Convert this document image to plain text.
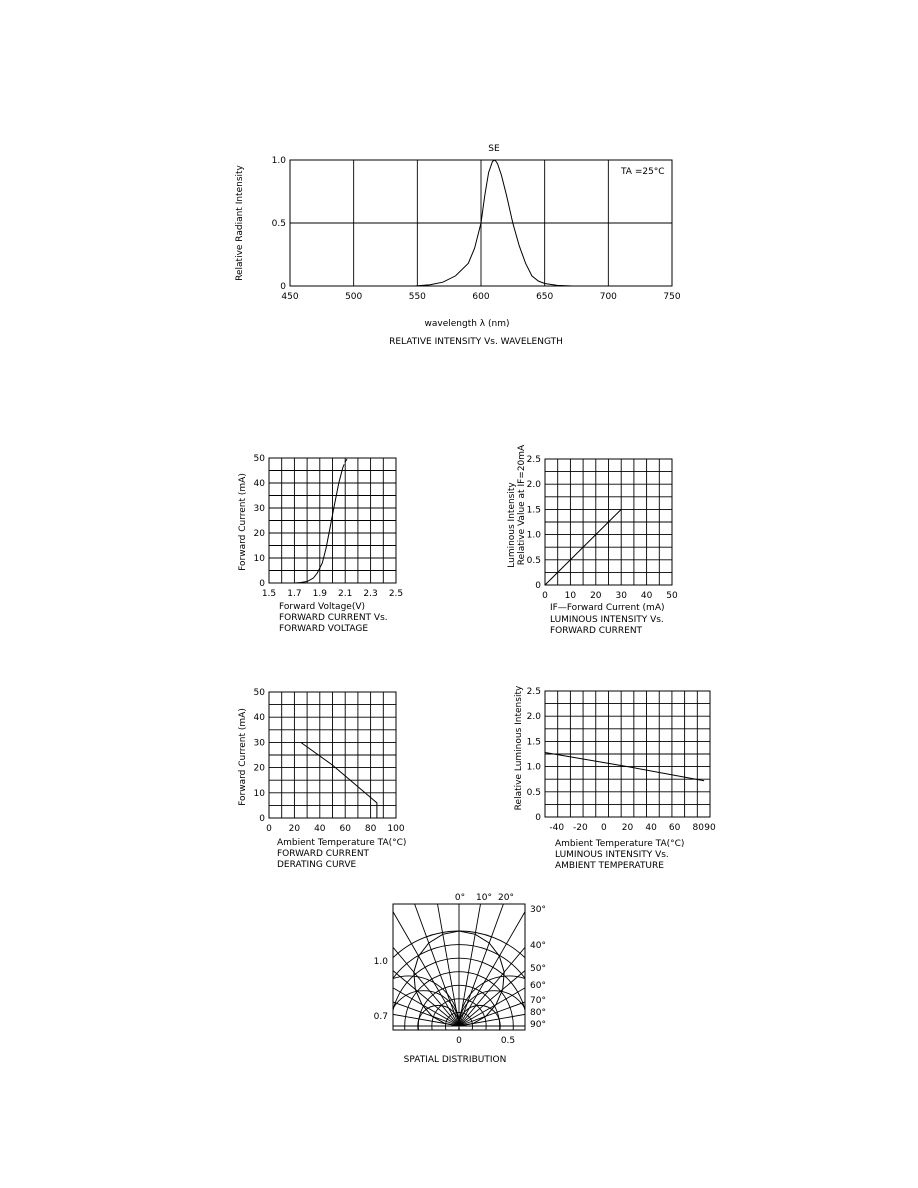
450	500	550	600	650	700	750
0
0.5
1.0
SE
TA =25°C
Relative Radiant Intensity
wavelength λ (nm)
RELATIVE INTENSITY Vs. WAVELENGTH
1.5 1.7 1.9 2.1 2.3 2.5
0
10
20
30
40
50
Forward Current (mA)
Forward Voltage(V)
FORWARD CURRENT Vs.
FORWARD VOLTAGE
0 10 20 30 40 50
0
0.5
1.0
1.5
2.0
2.5
Luminous Intensity Relative Value at IF=20mA
IF—Forward Current (mA)
LUMINOUS INTENSITY Vs.
FORWARD CURRENT
0 20 40 60 80 100
0
10
20
30
40
50
Forward Current (mA)
Ambient Temperature TA(°C)
FORWARD CURRENT
DERATING CURVE
-40 -20 0 20 40 60 80 90
0
0.5
1.0
1.5
2.0
2.5
Relative Luminous Intensity
Ambient Temperature TA(°C)
LUMINOUS INTENSITY Vs.
AMBIENT TEMPERATURE
0° 10° 20°
30°
40°
50°
60°
70°
80°
90°
1.0
0.7
0	0.5
SPATIAL DISTRIBUTION
